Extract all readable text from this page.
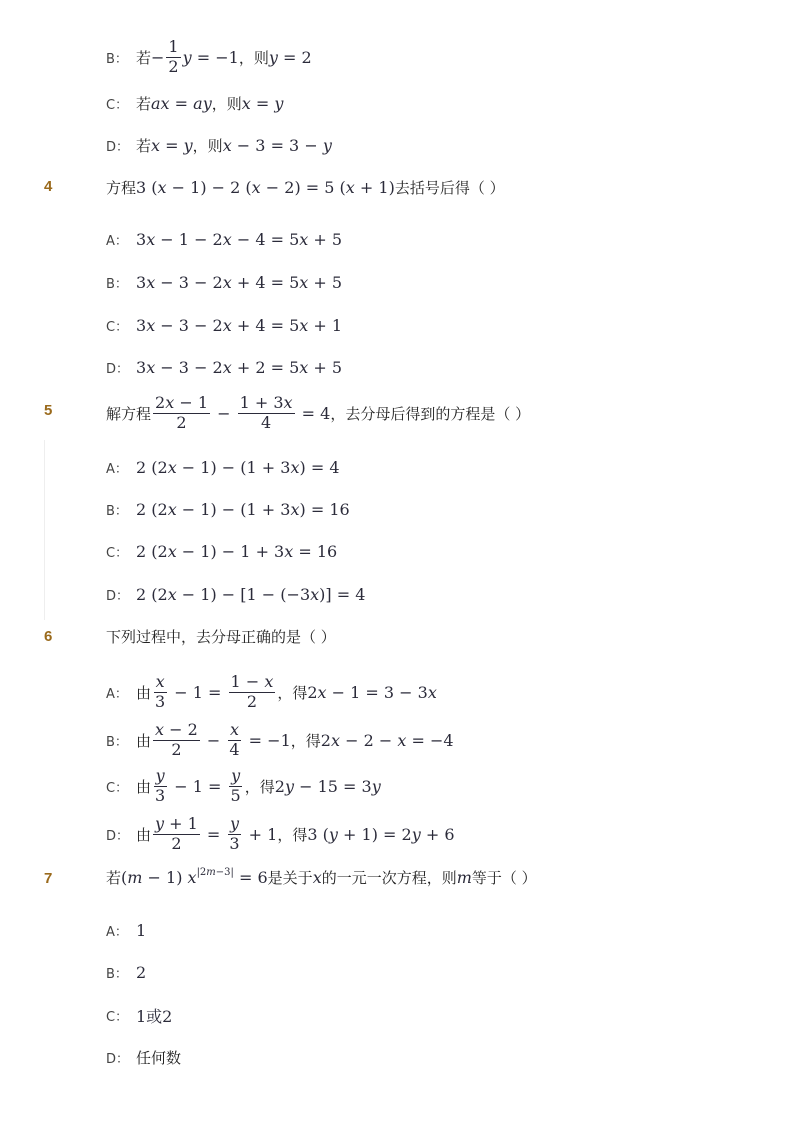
B： 若 − $\frac{1}{2}$ y = −1 ，则 y = 2
C： 若 ax = ay ，则 x = y
D： 若 x = y ，则 x − 3 = 3 − y
4	方程 3 ( x − 1) − 2 ( x − 2) = 5 ( x + 1) 去括号后得（ ）
A： 3 x − 1 − 2 x − 4 = 5 x + 5
B： 3 x − 3 − 2 x + 4 = 5 x + 5
C： 3 x − 3 − 2 x + 4 = 5 x + 1
D： 3 x − 3 − 2 x + 2 = 5 x + 5
5	解方程 $\frac{2x - 1}{2} - \frac{1 + 3x}{4} = 4$ ，去分母后得到的方程是（ ）
A： 2 (2 x − 1) − (1 + 3 x ) = 4
B： 2 (2 x − 1) − (1 + 3 x ) = 16
C： 2 (2 x − 1) − 1 + 3 x = 16
D： 2 (2 x − 1) − [1 − (−3 x )] = 4
6	下列过程中，去分母正确的是（ ）
A： 由 $\frac{x}{3} - 1 = \frac{1 - x}{2}$ ，得 2x − 1 = 3 − 3x
B： 由 $\frac{x - 2}{2} - \frac{x}{4} = -1$ ，得 2x − 2 − x = −4
C： 由 $\frac{y}{3} - 1 = \frac{y}{5}$ ，得 2y − 15 = 3y
D： 由 $\frac{y + 1}{2} = \frac{y}{3} + 1$ ，得 3 (y + 1) = 2y + 6
7	若 (m − 1) $x^{|2m-3|} = 6$ 是关于 x 的一元一次方程，则 m 等于（ ）
A： 1
B： 2
C： 1或2
D： 任何数
